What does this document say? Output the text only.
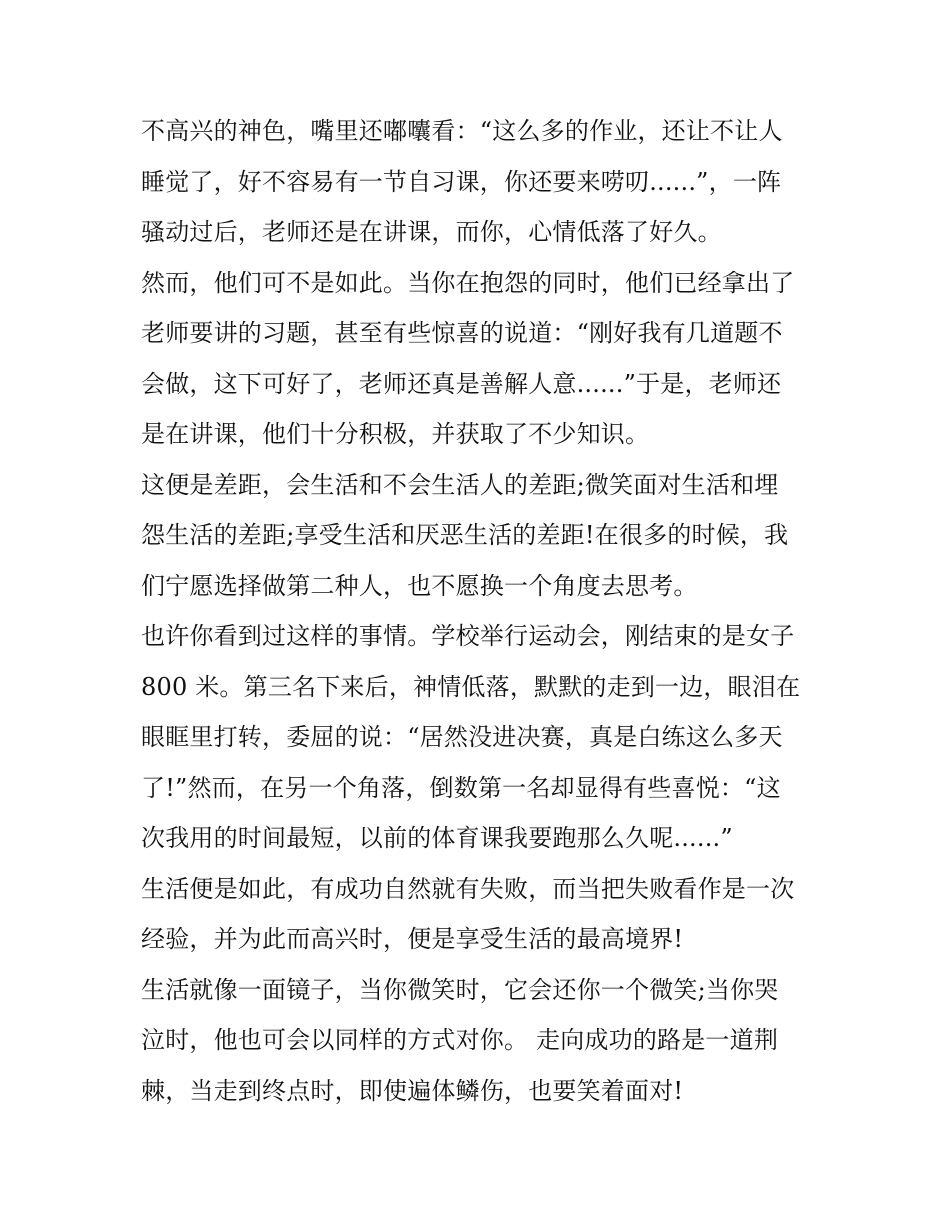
不高兴的神色，嘴里还嘟囔看：“这么多的作业，还让不让人
睡觉了，好不容易有一节自习课，你还要来唠叨......”，一阵
骚动过后，老师还是在讲课，而你，心情低落了好久。

然而，他们可不是如此。当你在抱怨的同时，他们已经拿出了
老师要讲的习题，甚至有些惊喜的说道：“刚好我有几道题不
会做，这下可好了，老师还真是善解人意......”于是，老师还
是在讲课，他们十分积极，并获取了不少知识。

这便是差距，会生活和不会生活人的差距;微笑面对生活和埋
怨生活的差距;享受生活和厌恶生活的差距!在很多的时候，我
们宁愿选择做第二种人，也不愿换一个角度去思考。

也许你看到过这样的事情。学校举行运动会，刚结束的是女子
800 米。第三名下来后，神情低落，默默的走到一边，眼泪在
眼眶里打转，委屈的说：“居然没进决赛，真是白练这么多天
了!”然而，在另一个角落，倒数第一名却显得有些喜悦：“这
次我用的时间最短，以前的体育课我要跑那么久呢......”

生活便是如此，有成功自然就有失败，而当把失败看作是一次
经验，并为此而高兴时，便是享受生活的最高境界!

生活就像一面镜子，当你微笑时，它会还你一个微笑;当你哭
泣时，他也可会以同样的方式对你。 走向成功的路是一道荆
棘，当走到终点时，即使遍体鳞伤，也要笑着面对!
